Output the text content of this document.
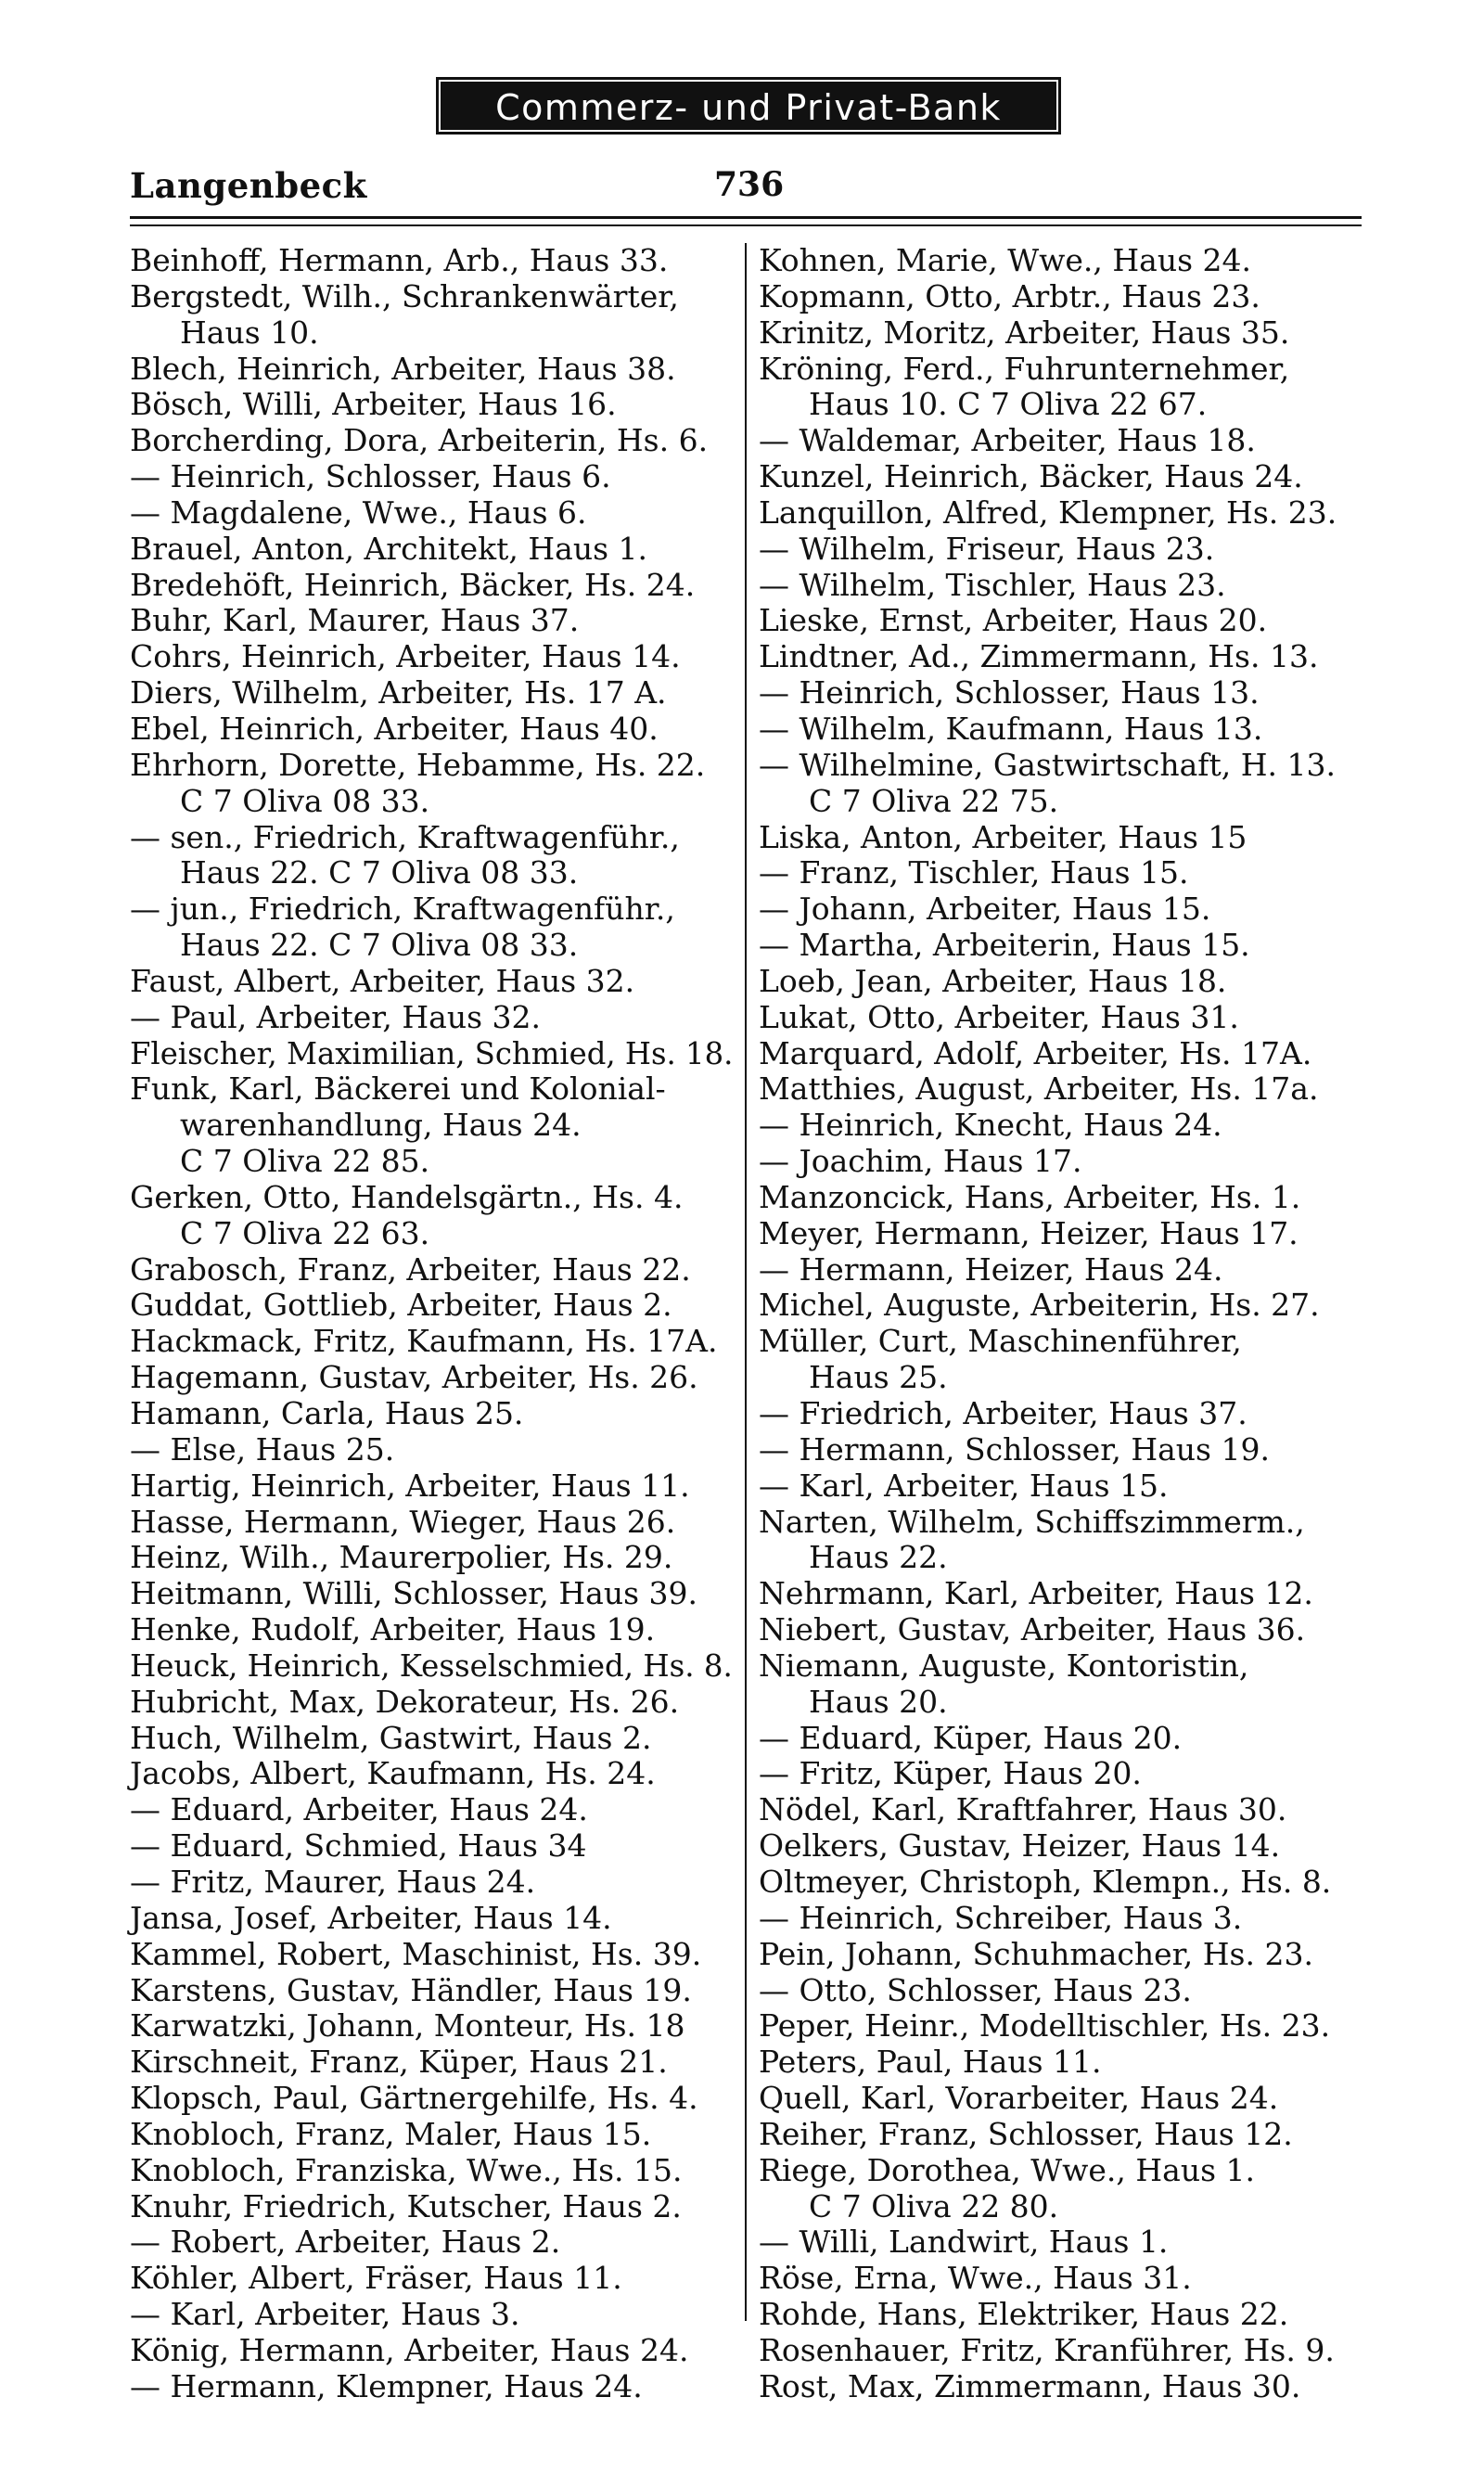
Commerz- und Privat-Bank
Langenbeck	736
Beinhoff, Hermann, Arb., Haus 33.
Bergstedt, Wilh., Schrankenwärter,
Haus 10.
Blech, Heinrich, Arbeiter, Haus 38.
Bösch, Willi, Arbeiter, Haus 16.
Borcherding, Dora, Arbeiterin, Hs. 6.
— Heinrich, Schlosser, Haus 6.
— Magdalene, Wwe., Haus 6.
Brauel, Anton, Architekt, Haus 1.
Bredehöft, Heinrich, Bäcker, Hs. 24.
Buhr, Karl, Maurer, Haus 37.
Cohrs, Heinrich, Arbeiter, Haus 14.
Diers, Wilhelm, Arbeiter, Hs. 17 A.
Ebel, Heinrich, Arbeiter, Haus 40.
Ehrhorn, Dorette, Hebamme, Hs. 22.
C 7 Oliva 08 33.
— sen., Friedrich, Kraftwagenführ.,
Haus 22. C 7 Oliva 08 33.
— jun., Friedrich, Kraftwagenführ.,
Haus 22. C 7 Oliva 08 33.
Faust, Albert, Arbeiter, Haus 32.
— Paul, Arbeiter, Haus 32.
Fleischer, Maximilian, Schmied, Hs. 18.
Funk, Karl, Bäckerei und Kolonial-
warenhandlung, Haus 24.
C 7 Oliva 22 85.
Gerken, Otto, Handelsgärtn., Hs. 4.
C 7 Oliva 22 63.
Grabosch, Franz, Arbeiter, Haus 22.
Guddat, Gottlieb, Arbeiter, Haus 2.
Hackmack, Fritz, Kaufmann, Hs. 17A.
Hagemann, Gustav, Arbeiter, Hs. 26.
Hamann, Carla, Haus 25.
— Else, Haus 25.
Hartig, Heinrich, Arbeiter, Haus 11.
Hasse, Hermann, Wieger, Haus 26.
Heinz, Wilh., Maurerpolier, Hs. 29.
Heitmann, Willi, Schlosser, Haus 39.
Henke, Rudolf, Arbeiter, Haus 19.
Heuck, Heinrich, Kesselschmied, Hs. 8.
Hubricht, Max, Dekorateur, Hs. 26.
Huch, Wilhelm, Gastwirt, Haus 2.
Jacobs, Albert, Kaufmann, Hs. 24.
— Eduard, Arbeiter, Haus 24.
— Eduard, Schmied, Haus 34
— Fritz, Maurer, Haus 24.
Jansa, Josef, Arbeiter, Haus 14.
Kammel, Robert, Maschinist, Hs. 39.
Karstens, Gustav, Händler, Haus 19.
Karwatzki, Johann, Monteur, Hs. 18
Kirschneit, Franz, Küper, Haus 21.
Klopsch, Paul, Gärtnergehilfe, Hs. 4.
Knobloch, Franz, Maler, Haus 15.
Knobloch, Franziska, Wwe., Hs. 15.
Knuhr, Friedrich, Kutscher, Haus 2.
— Robert, Arbeiter, Haus 2.
Köhler, Albert, Fräser, Haus 11.
— Karl, Arbeiter, Haus 3.
König, Hermann, Arbeiter, Haus 24.
— Hermann, Klempner, Haus 24.
Kohnen, Marie, Wwe., Haus 24.
Kopmann, Otto, Arbtr., Haus 23.
Krinitz, Moritz, Arbeiter, Haus 35.
Kröning, Ferd., Fuhrunternehmer,
Haus 10. C 7 Oliva 22 67.
— Waldemar, Arbeiter, Haus 18.
Kunzel, Heinrich, Bäcker, Haus 24.
Lanquillon, Alfred, Klempner, Hs. 23.
— Wilhelm, Friseur, Haus 23.
— Wilhelm, Tischler, Haus 23.
Lieske, Ernst, Arbeiter, Haus 20.
Lindtner, Ad., Zimmermann, Hs. 13.
— Heinrich, Schlosser, Haus 13.
— Wilhelm, Kaufmann, Haus 13.
— Wilhelmine, Gastwirtschaft, H. 13.
C 7 Oliva 22 75.
Liska, Anton, Arbeiter, Haus 15
— Franz, Tischler, Haus 15.
— Johann, Arbeiter, Haus 15.
— Martha, Arbeiterin, Haus 15.
Loeb, Jean, Arbeiter, Haus 18.
Lukat, Otto, Arbeiter, Haus 31.
Marquard, Adolf, Arbeiter, Hs. 17A.
Matthies, August, Arbeiter, Hs. 17a.
— Heinrich, Knecht, Haus 24.
— Joachim, Haus 17.
Manzoncick, Hans, Arbeiter, Hs. 1.
Meyer, Hermann, Heizer, Haus 17.
— Hermann, Heizer, Haus 24.
Michel, Auguste, Arbeiterin, Hs. 27.
Müller, Curt, Maschinenführer,
Haus 25.
— Friedrich, Arbeiter, Haus 37.
— Hermann, Schlosser, Haus 19.
— Karl, Arbeiter, Haus 15.
Narten, Wilhelm, Schiffszimmerm.,
Haus 22.
Nehrmann, Karl, Arbeiter, Haus 12.
Niebert, Gustav, Arbeiter, Haus 36.
Niemann, Auguste, Kontoristin,
Haus 20.
— Eduard, Küper, Haus 20.
— Fritz, Küper, Haus 20.
Nödel, Karl, Kraftfahrer, Haus 30.
Oelkers, Gustav, Heizer, Haus 14.
Oltmeyer, Christoph, Klempn., Hs. 8.
— Heinrich, Schreiber, Haus 3.
Pein, Johann, Schuhmacher, Hs. 23.
— Otto, Schlosser, Haus 23.
Peper, Heinr., Modelltischler, Hs. 23.
Peters, Paul, Haus 11.
Quell, Karl, Vorarbeiter, Haus 24.
Reiher, Franz, Schlosser, Haus 12.
Riege, Dorothea, Wwe., Haus 1.
C 7 Oliva 22 80.
— Willi, Landwirt, Haus 1.
Röse, Erna, Wwe., Haus 31.
Rohde, Hans, Elektriker, Haus 22.
Rosenhauer, Fritz, Kranführer, Hs. 9.
Rost, Max, Zimmermann, Haus 30.
